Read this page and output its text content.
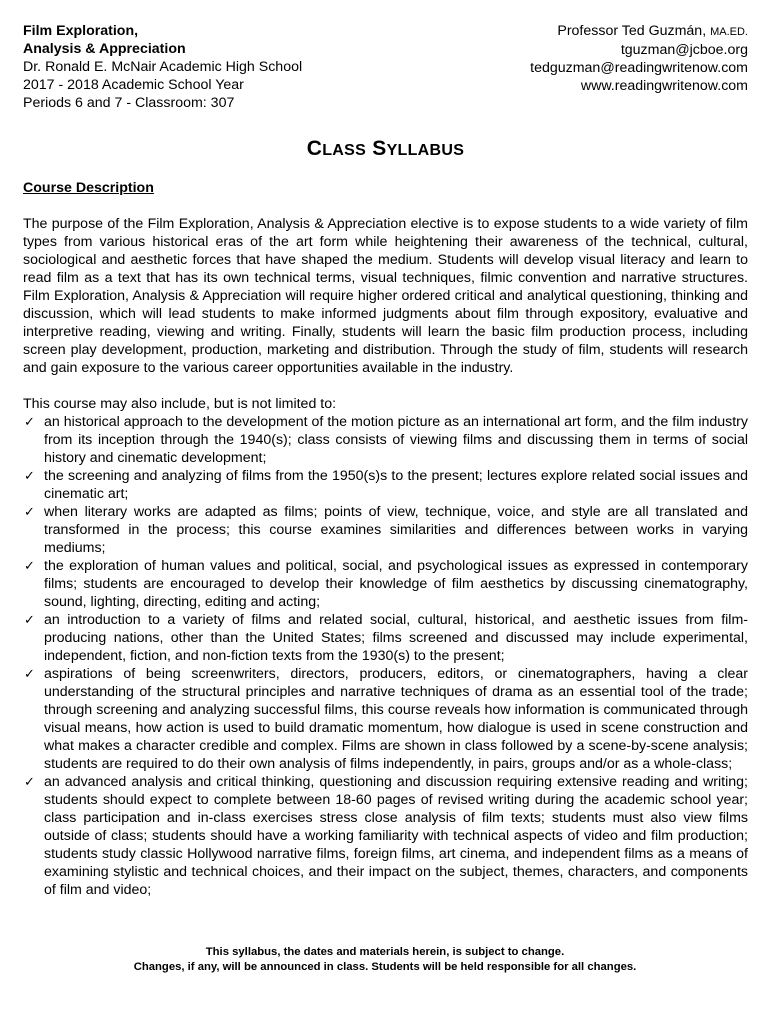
Film Exploration,
Analysis & Appreciation
Dr. Ronald E. McNair Academic High School
2017 - 2018 Academic School Year
Periods 6 and 7 - Classroom: 307
Professor Ted Guzmán, MA.ED.
tguzman@jcboe.org
tedguzman@readingwritenow.com
www.readingwritenow.com
CLASS SYLLABUS
Course Description

The purpose of the Film Exploration, Analysis & Appreciation elective is to expose students to a wide variety of film types from various historical eras of the art form while heightening their awareness of the technical, cultural, sociological and aesthetic forces that have shaped the medium. Students will develop visual literacy and learn to read film as a text that has its own technical terms, visual techniques, filmic convention and narrative structures. Film Exploration, Analysis & Appreciation will require higher ordered critical and analytical questioning, thinking and discussion, which will lead students to make informed judgments about film through expository, evaluative and interpretive reading, viewing and writing. Finally, students will learn the basic film production process, including screen play development, production, marketing and distribution. Through the study of film, students will research and gain exposure to the various career opportunities available in the industry.

This course may also include, but is not limited to:
✓ an historical approach to the development of the motion picture as an international art form, and the film industry from its inception through the 1940(s); class consists of viewing films and discussing them in terms of social history and cinematic development;
✓ the screening and analyzing of films from the 1950(s)s to the present; lectures explore related social issues and cinematic art;
✓ when literary works are adapted as films; points of view, technique, voice, and style are all translated and transformed in the process; this course examines similarities and differences between works in varying mediums;
✓ the exploration of human values and political, social, and psychological issues as expressed in contemporary films; students are encouraged to develop their knowledge of film aesthetics by discussing cinematography, sound, lighting, directing, editing and acting;
✓ an introduction to a variety of films and related social, cultural, historical, and aesthetic issues from film-producing nations, other than the United States; films screened and discussed may include experimental, independent, fiction, and non-fiction texts from the 1930(s) to the present;
✓ aspirations of being screenwriters, directors, producers, editors, or cinematographers, having a clear understanding of the structural principles and narrative techniques of drama as an essential tool of the trade; through screening and analyzing successful films, this course reveals how information is communicated through visual means, how action is used to build dramatic momentum, how dialogue is used in scene construction and what makes a character credible and complex. Films are shown in class followed by a scene-by-scene analysis; students are required to do their own analysis of films independently, in pairs, groups and/or as a whole-class;
✓ an advanced analysis and critical thinking, questioning and discussion requiring extensive reading and writing; students should expect to complete between 18-60 pages of revised writing during the academic school year; class participation and in-class exercises stress close analysis of film texts; students must also view films outside of class; students should have a working familiarity with technical aspects of video and film production; students study classic Hollywood narrative films, foreign films, art cinema, and independent films as a means of examining stylistic and technical choices, and their impact on the subject, themes, characters, and components of film and video;
This syllabus, the dates and materials herein, is subject to change.
Changes, if any, will be announced in class. Students will be held responsible for all changes.
